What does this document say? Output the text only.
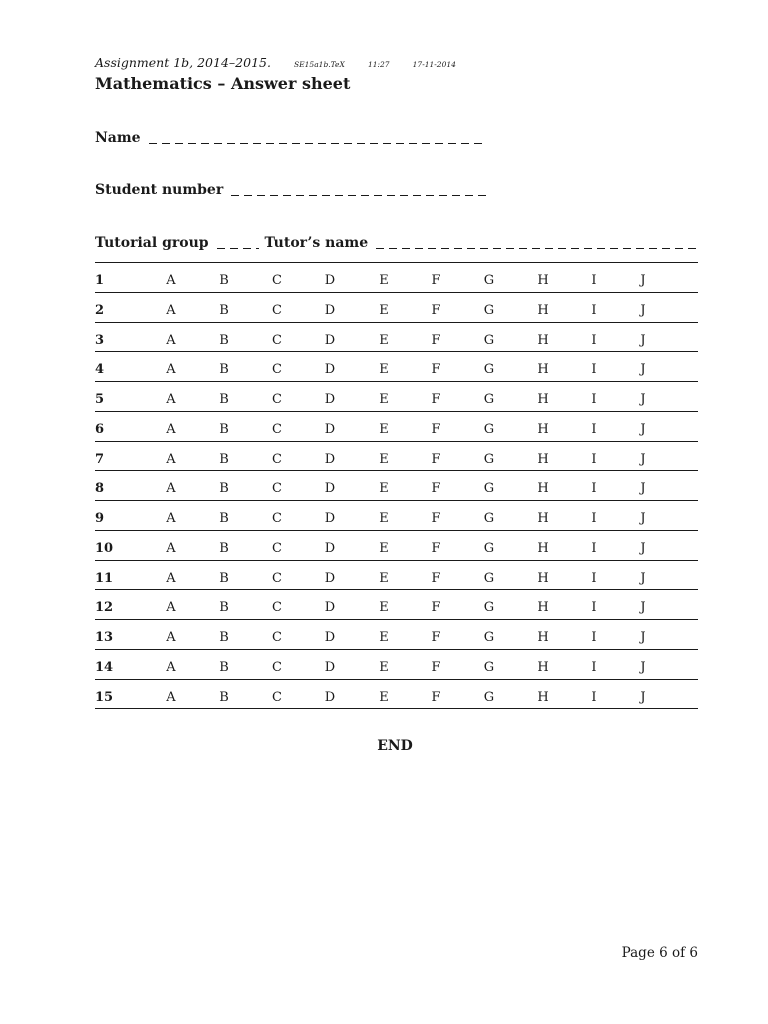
Assignment 1b, 2014–2015.	SE15a1b.TeX	11:27	17-11-2014
Mathematics – Answer sheet
Name
Student number
Tutorial group	Tutor’s name
1	A	B	C	D	E	F	G	H	I	J
2	A	B	C	D	E	F	G	H	I	J
3	A	B	C	D	E	F	G	H	I	J
4	A	B	C	D	E	F	G	H	I	J
5	A	B	C	D	E	F	G	H	I	J
6	A	B	C	D	E	F	G	H	I	J
7	A	B	C	D	E	F	G	H	I	J
8	A	B	C	D	E	F	G	H	I	J
9	A	B	C	D	E	F	G	H	I	J
10	A	B	C	D	E	F	G	H	I	J
11	A	B	C	D	E	F	G	H	I	J
12	A	B	C	D	E	F	G	H	I	J
13	A	B	C	D	E	F	G	H	I	J
14	A	B	C	D	E	F	G	H	I	J
15	A	B	C	D	E	F	G	H	I	J
END
Page 6 of 6
